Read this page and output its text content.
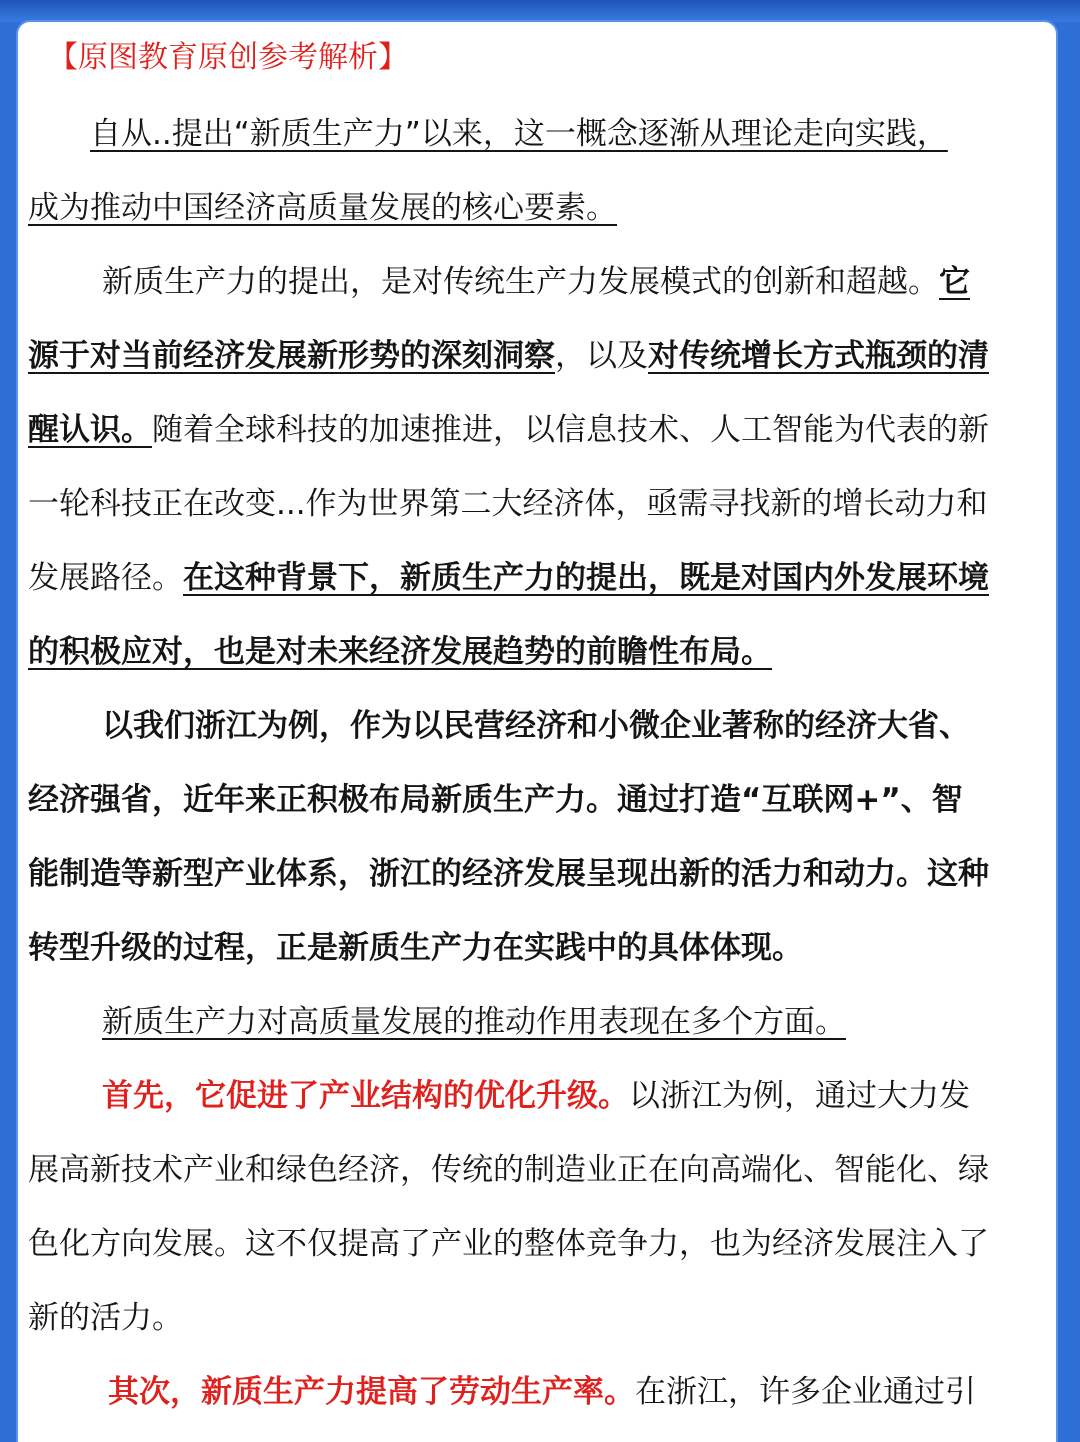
【原图教育原创参考解析】
自从..提出“新质生产力”以来，这一概念逐渐从理论走向实践，
成为推动中国经济高质量发展的核心要素。
新质生产力的提出，是对传统生产力发展模式的创新和超越。它
源于对当前经济发展新形势的深刻洞察，以及对传统增长方式瓶颈的清
醒认识。随着全球科技的加速推进，以信息技术、人工智能为代表的新
一轮科技正在改变...作为世界第二大经济体，亟需寻找新的增长动力和
发展路径。在这种背景下，新质生产力的提出，既是对国内外发展环境
的积极应对，也是对未来经济发展趋势的前瞻性布局。
以我们浙江为例，作为以民营经济和小微企业著称的经济大省、
经济强省，近年来正积极布局新质生产力。通过打造“互联网+”、智
能制造等新型产业体系，浙江的经济发展呈现出新的活力和动力。这种
转型升级的过程，正是新质生产力在实践中的具体体现。
新质生产力对高质量发展的推动作用表现在多个方面。
首先，它促进了产业结构的优化升级。以浙江为例，通过大力发
展高新技术产业和绿色经济，传统的制造业正在向高端化、智能化、绿
色化方向发展。这不仅提高了产业的整体竞争力，也为经济发展注入了
新的活力。
其次，新质生产力提高了劳动生产率。在浙江，许多企业通过引
